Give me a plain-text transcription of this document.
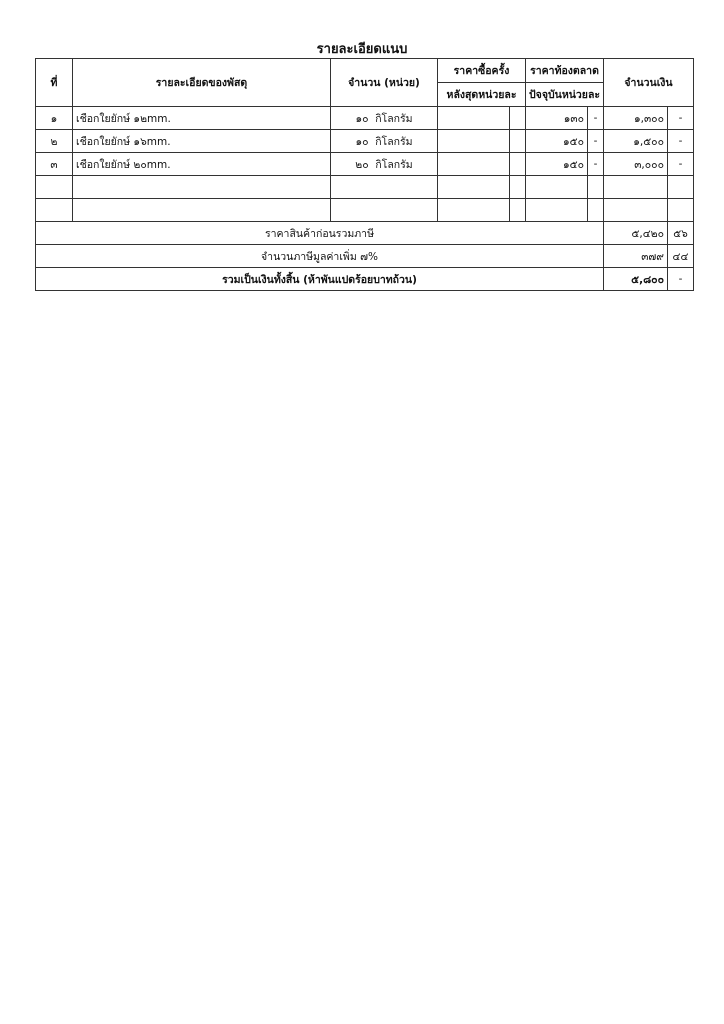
รายละเอียดแนบ
ที่	รายละเอียดของพัสดุ	จำนวน (หน่วย)	ราคาซื้อครั้ง		ราคาท้องตลาด		จำนวนเงิน	
			หลังสุดหน่วยละ		ปัจจุบันหน่วยละ			
๑	เชือกใยยักษ์ ๑๒mm.	๑๐ กิโลกรัม			๑๓๐	-	๑,๓๐๐	-
๒	เชือกใยยักษ์ ๑๖mm.	๑๐ กิโลกรัม			๑๕๐	-	๑,๕๐๐	-
๓	เชือกใยยักษ์ ๒๐mm.	๒๐ กิโลกรัม			๑๕๐	-	๓,๐๐๐	-

ราคาสินค้าก่อนรวมภาษี							๕,๔๒๐	๕๖
จำนวนภาษีมูลค่าเพิ่ม ๗%							๓๗๙	๔๔
รวมเป็นเงินทั้งสิ้น (ห้าพันแปดร้อยบาทถ้วน)							๕,๘๐๐	-
